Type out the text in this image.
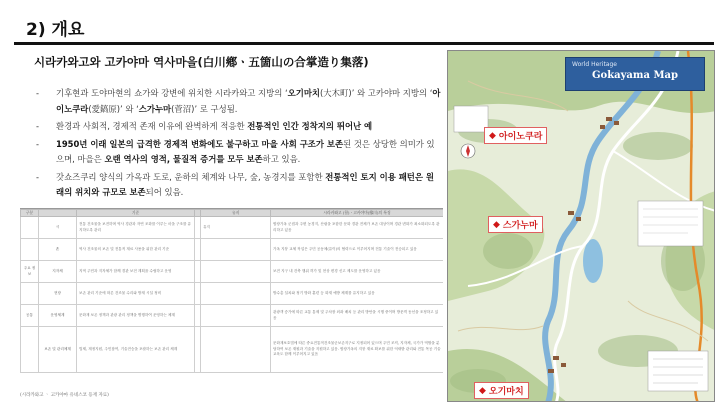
2) 개요
시라카와고와 고카야마 역사마을(白川鄕ㆍ五箇山の合掌造り集落)
- 기후현과 도야마현의 쇼가와 강변에 위치한 시라카와고 지방의 ‘오기마치(大木町)’ 와 고카야마 지방의 ‘아이노쿠라(愛鎬原)’ 와 ‘스가누마(菅沼)’ 로 구성됨.
- 환경과 사회적, 경제적 존재 이유에 완벽하게 적응한 전통적인 인간 정착지의 뛰어난 예
- 1950년 이래 일본의 급격한 경제적 변화에도 불구하고 마을 사회 구조가 보존된 것은 상당한 의미가 있으며, 마을은 오랜 역사의 영적, 물질적 증거를 모두 보존하고 있음.
- 갓쇼즈쿠리 양식의 가옥과 도로, 운하의 체계와 나무, 숲, 농경지를 포함한 전통적인 토지 이용 패턴은 원래의 위치와 규모로 보존되어 있음.
구분		기준		유지	시라카와고 (합)ㆍ고카야마(緣川)의 특징
	시	전통 건조물을 보전하며 역사 경관과 자연 조화를 이루는 마을 구조를 유지하도록 관리		유지	합장가옥 군집과 주변 농경지, 산림을 포함한 문화 경관 전체가 보존 대상이며 경관 변화가 최소화되도록 관리하고 있음
	촌	역사 건조물의 보존 및 전통적 재료 사용을 위한 관리 기준			가옥 지붕 교체 작업은 주민 공동체(유이)의 협력으로 이루어지며 전통 기술이 전승되고 있음
주요 정보	지자체	지역 주민과 지자체가 함께 경관 보전 계획을 수립하고 운영			보전 지구 내 건축 행위 허가 및 현상 변경 신고 제도를 운영하고 있음
	현장	보존 관리 기준에 따른 건조물 수리와 방재 시설 정비			방수총 설치와 정기 방화 훈련 등 화재 예방 체계를 유지하고 있음
공통	운영체계	문화재 보존 정책과 관광 관리 정책을 병행하여 운영하는 체계			관광객 증가에 따른 교통 통제 및 주차장 외곽 배치 등 관리 방안을 시행 중이며 방문객 동선을 조정하고 있음
	보존 및 관리체계	법제, 재정지원, 주민참여, 기술전승을 포괄하는 보존 관리 체계			문화재보호법에 따른 중요전통적건조물군보존지구로 지정되어 있으며 주민 조직, 지자체, 국가가 역할을 분담하여 보존 재원과 기술을 지원하고 있음. 합장가옥의 지붕 재료 확보를 위한 억새밭 관리와 전통 목공 기술 교육도 함께 이루어지고 있음
(시라카와고 ㆍ 고카야마 유네스코 등재 자료)
World Heritage
Gokayama Map
◆ 아이노쿠라
◆ 스가누마
◆ 오기마치
